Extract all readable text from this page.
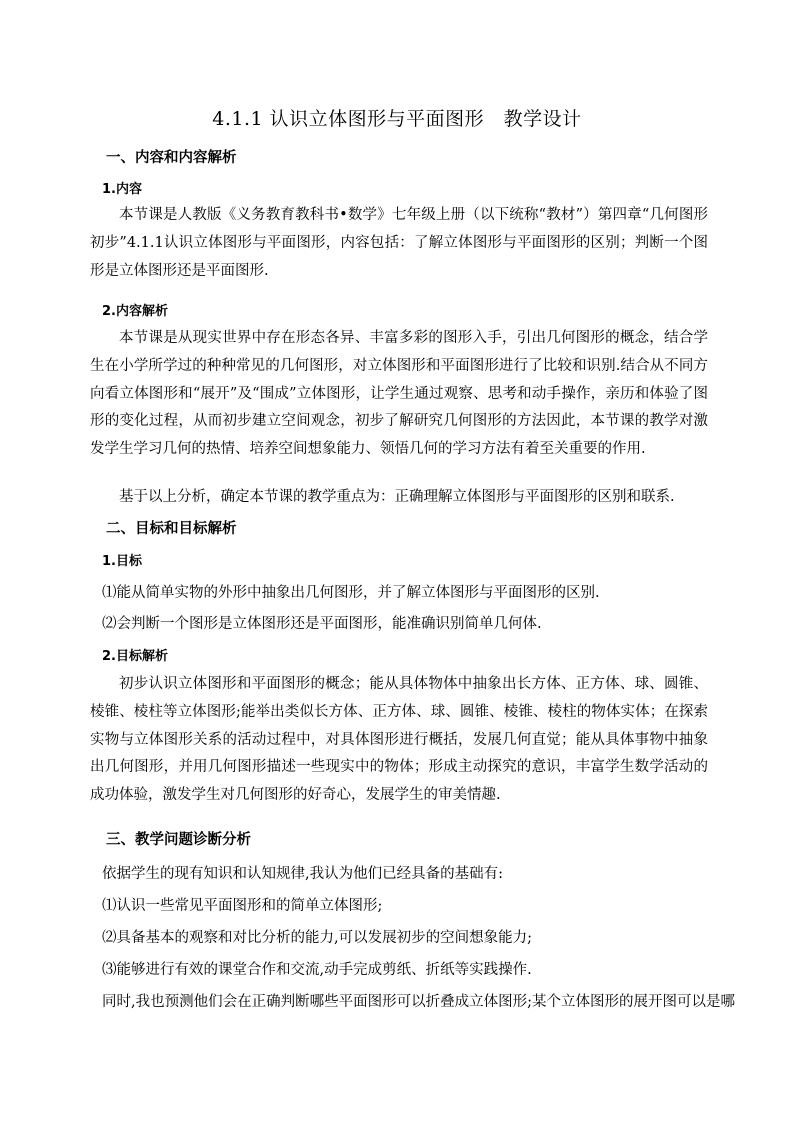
4.1.1 认识立体图形与平面图形　教学设计
一、内容和内容解析
1.内容

本节课是人教版《义务教育教科书•数学》七年级上册（以下统称“教材”）第四章“几何图形初步”4.1.1认识立体图形与平面图形，内容包括：了解立体图形与平面图形的区别；判断一个图形是立体图形还是平面图形.

2.内容解析

本节课是从现实世界中存在形态各异、丰富多彩的图形入手，引出几何图形的概念，结合学生在小学所学过的种种常见的几何图形，对立体图形和平面图形进行了比较和识别.结合从不同方向看立体图形和“展开”及“围成”立体图形，让学生通过观察、思考和动手操作，亲历和体验了图形的变化过程，从而初步建立空间观念，初步了解研究几何图形的方法因此，本节课的教学对激发学生学习几何的热情、培养空间想象能力、领悟几何的学习方法有着至关重要的作用.

基于以上分析，确定本节课的教学重点为：正确理解立体图形与平面图形的区别和联系.

二、目标和目标解析
1.目标
⑴能从简单实物的外形中抽象出几何图形，并了解立体图形与平面图形的区别.
⑵会判断一个图形是立体图形还是平面图形，能准确识别简单几何体.
2.目标解析

初步认识立体图形和平面图形的概念；能从具体物体中抽象出长方体、正方体、球、圆锥、棱锥、棱柱等立体图形;能举出类似长方体、正方体、球、圆锥、棱锥、棱柱的物体实体；在探索实物与立体图形关系的活动过程中，对具体图形进行概括，发展几何直觉；能从具体事物中抽象出几何图形，并用几何图形描述一些现实中的物体；形成主动探究的意识，丰富学生数学活动的成功体验，激发学生对几何图形的好奇心，发展学生的审美情趣.

三、教学问题诊断分析
依据学生的现有知识和认知规律,我认为他们已经具备的基础有:
⑴认识一些常见平面图形和的简单立体图形;
⑵具备基本的观察和对比分析的能力,可以发展初步的空间想象能力;
⑶能够进行有效的课堂合作和交流,动手完成剪纸、折纸等实践操作.
同时,我也预测他们会在正确判断哪些平面图形可以折叠成立体图形;某个立体图形的展开图可以是哪
